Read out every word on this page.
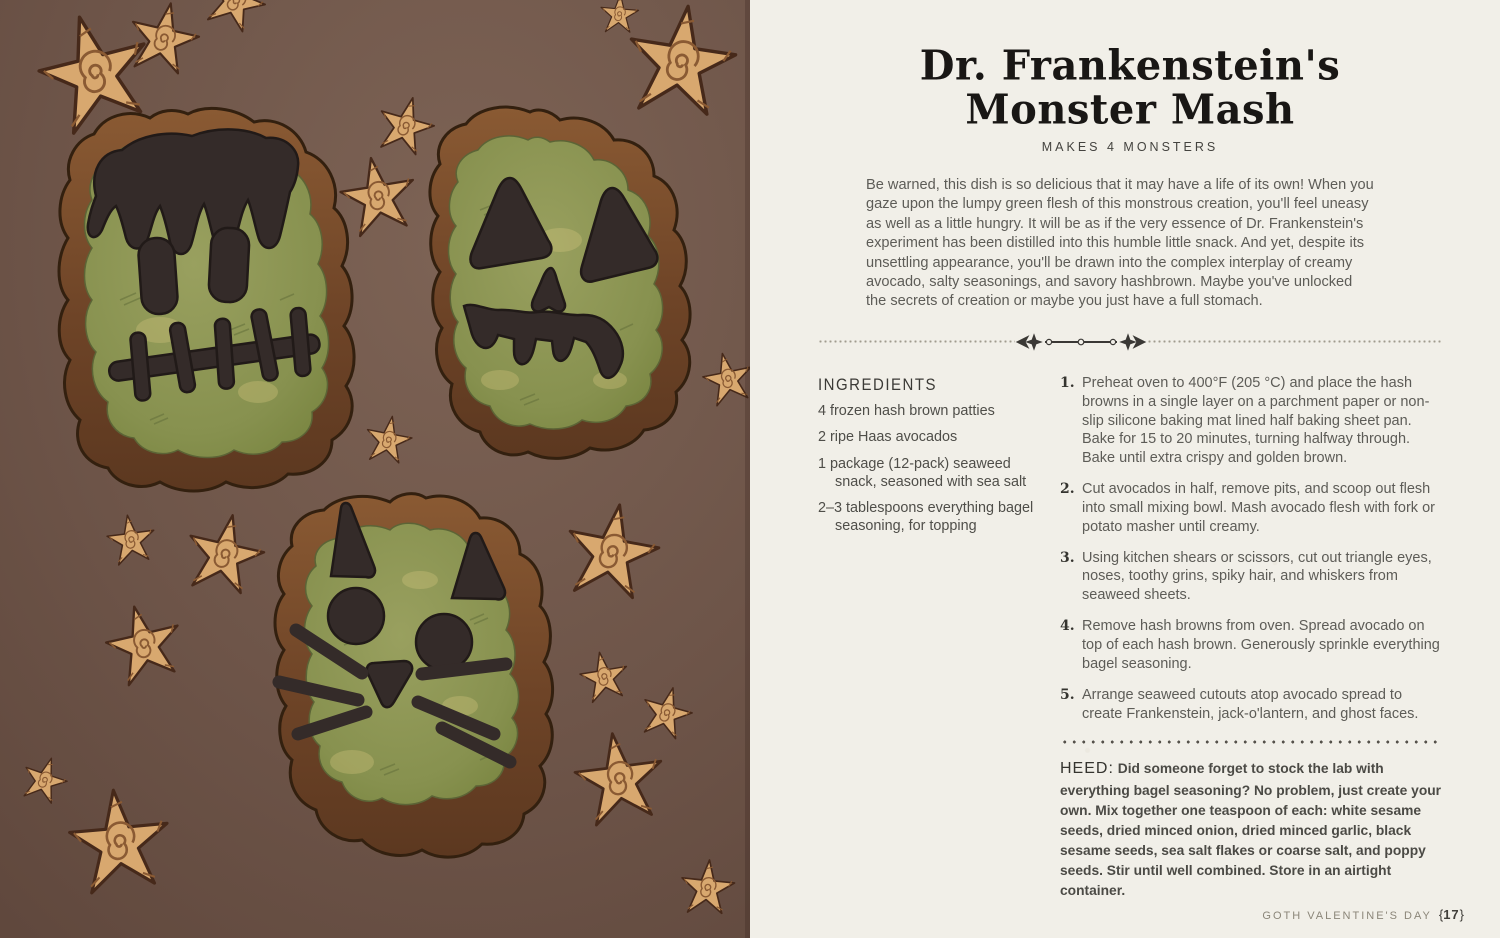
Dr. Frankenstein's Monster Mash
MAKES 4 MONSTERS

Be warned, this dish is so delicious that it may have a life of its own! When you gaze upon the lumpy green flesh of this monstrous creation, you'll feel uneasy as well as a little hungry. It will be as if the very essence of Dr. Frankenstein's experiment has been distilled into this humble little snack. And yet, despite its unsettling appearance, you'll be drawn into the complex interplay of creamy avocado, salty seasonings, and savory hashbrown. Maybe you've unlocked the secrets of creation or maybe you just have a full stomach.

INGREDIENTS
4 frozen hash brown patties
2 ripe Haas avocados
1 package (12-pack) seaweed snack, seasoned with sea salt
2–3 tablespoons everything bagel seasoning, for topping
1. Preheat oven to 400°F (205 °C) and place the hash browns in a single layer on a parchment paper or non-slip silicone baking mat lined half baking sheet pan. Bake for 15 to 20 minutes, turning halfway through. Bake until extra crispy and golden brown.
2. Cut avocados in half, remove pits, and scoop out flesh into small mixing bowl. Mash avocado flesh with fork or potato masher until creamy.
3. Using kitchen shears or scissors, cut out triangle eyes, noses, toothy grins, spiky hair, and whiskers from seaweed sheets.
4. Remove hash browns from oven. Spread avocado on top of each hash brown. Generously sprinkle everything bagel seasoning.
5. Arrange seaweed cutouts atop avocado spread to create Frankenstein, jack-o'lantern, and ghost faces.

HEED: Did someone forget to stock the lab with everything bagel seasoning? No problem, just create your own. Mix together one teaspoon of each: white sesame seeds, dried minced onion, dried minced garlic, black sesame seeds, sea salt flakes or coarse salt, and poppy seeds. Stir until well combined. Store in an airtight container.

GOTH VALENTINE'S DAY {17}
